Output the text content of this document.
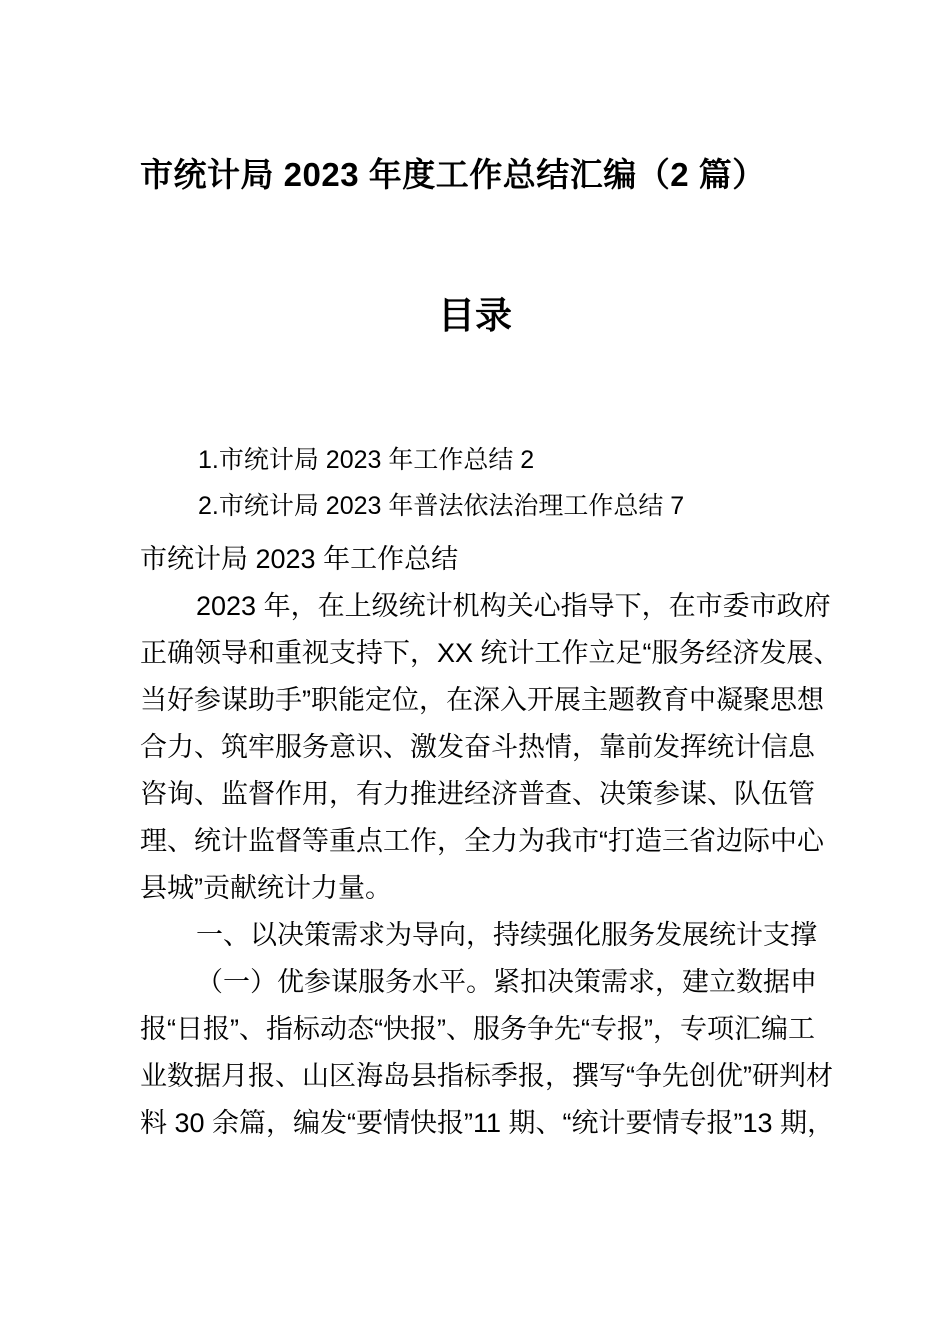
市统计局 2023 年度工作总结汇编（2 篇）
目录
1.市统计局 2023 年工作总结 2
2.市统计局 2023 年普法依法治理工作总结 7
市统计局 2023 年工作总结
2023 年，在上级统计机构关心指导下，在市委市政府
正确领导和重视支持下，XX 统计工作立足“服务经济发展、
当好参谋助手”职能定位，在深入开展主题教育中凝聚思想
合力、筑牢服务意识、激发奋斗热情，靠前发挥统计信息
咨询、监督作用，有力推进经济普查、决策参谋、队伍管
理、统计监督等重点工作，全力为我市“打造三省边际中心
县城”贡献统计力量。
一、以决策需求为导向，持续强化服务发展统计支撑
（一）优参谋服务水平。紧扣决策需求，建立数据申
报“日报”、指标动态“快报”、服务争先“专报”，专项汇编工
业数据月报、山区海岛县指标季报，撰写“争先创优”研判材
料 30 余篇，编发“要情快报”11 期、“统计要情专报”13 期，
